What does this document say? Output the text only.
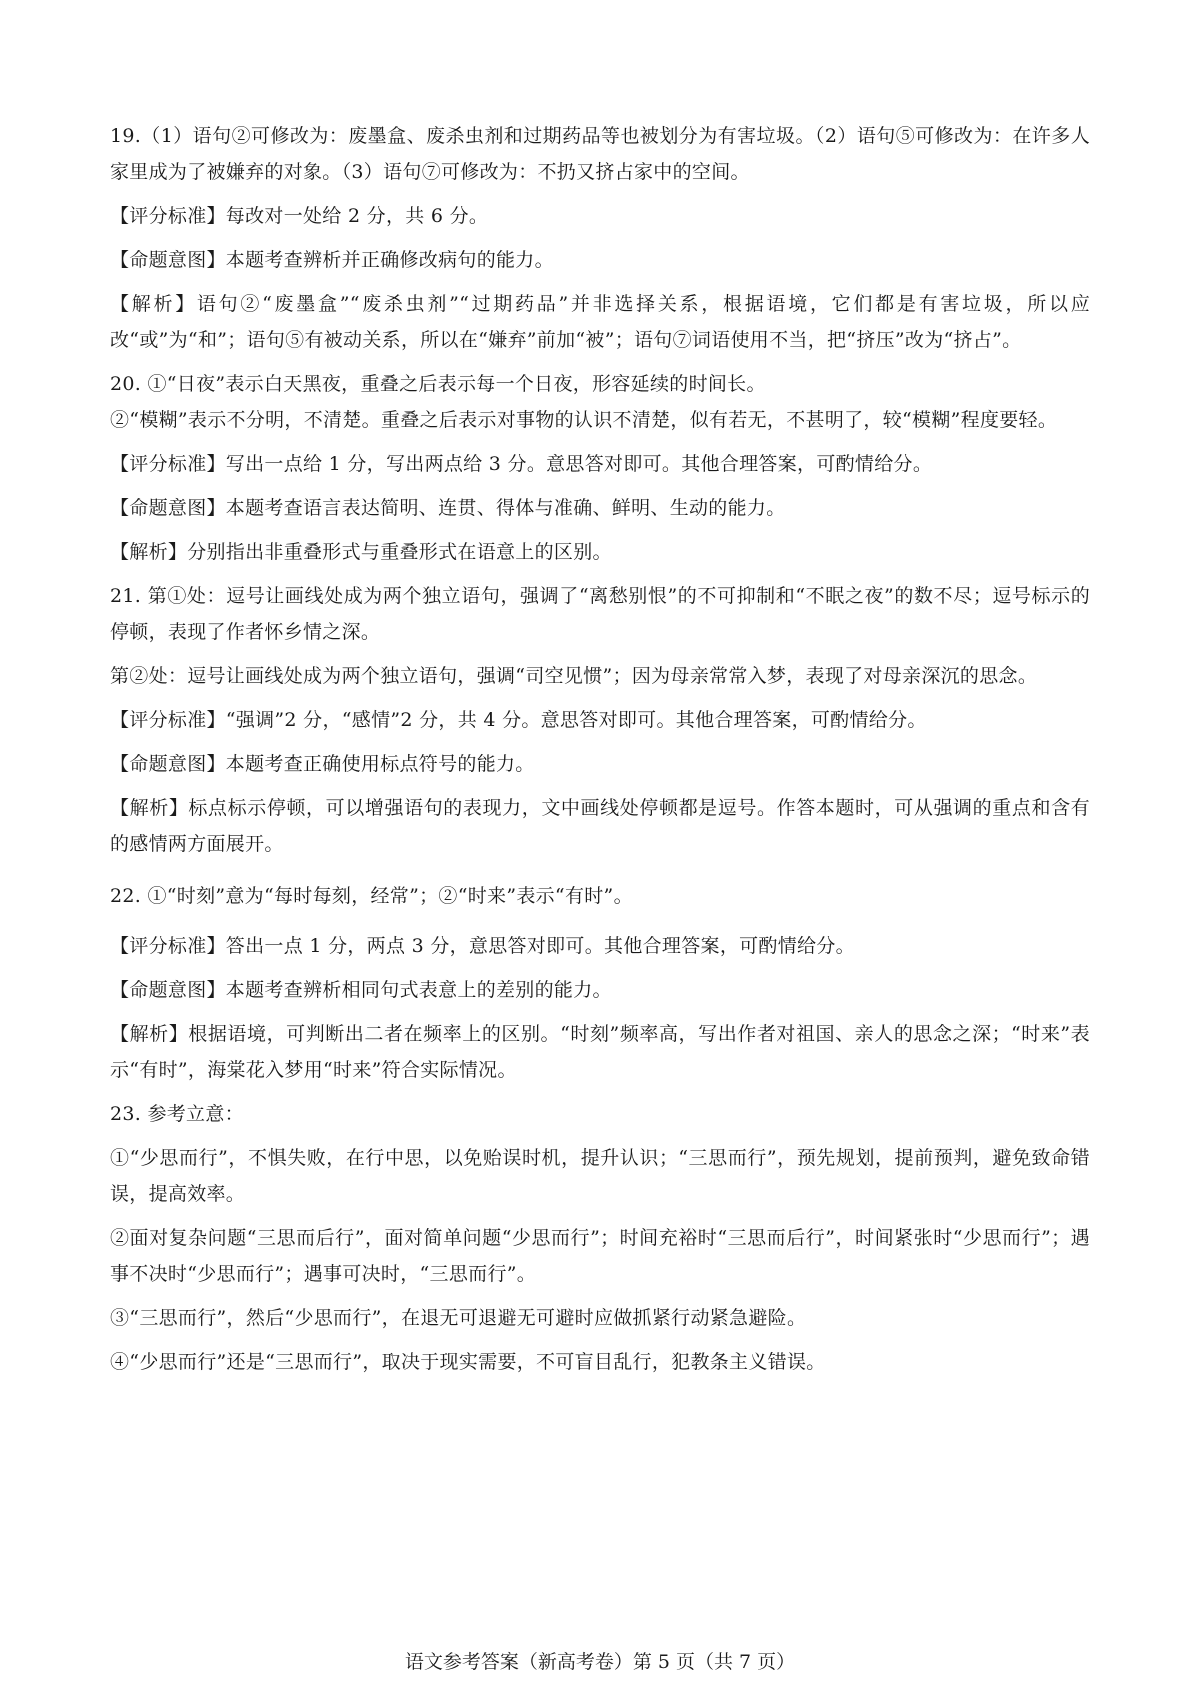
19.（1）语句②可修改为：废墨盒、废杀虫剂和过期药品等也被划分为有害垃圾。（2）语句⑤可修改为：在许多人家里成为了被嫌弃的对象。（3）语句⑦可修改为：不扔又挤占家中的空间。

【评分标准】每改对一处给 2 分，共 6 分。

【命题意图】本题考查辨析并正确修改病句的能力。

【解析】语句②“废墨盒”“废杀虫剂”“过期药品”并非选择关系，根据语境，它们都是有害垃圾，所以应改“或”为“和”；语句⑤有被动关系，所以在“嫌弃”前加“被”；语句⑦词语使用不当，把“挤压”改为“挤占”。

20. ①“日夜”表示白天黑夜，重叠之后表示每一个日夜，形容延续的时间长。
②“模糊”表示不分明，不清楚。重叠之后表示对事物的认识不清楚，似有若无，不甚明了，较“模糊”程度要轻。

【评分标准】写出一点给 1 分，写出两点给 3 分。意思答对即可。其他合理答案，可酌情给分。

【命题意图】本题考查语言表达简明、连贯、得体与准确、鲜明、生动的能力。

【解析】分别指出非重叠形式与重叠形式在语意上的区别。

21. 第①处：逗号让画线处成为两个独立语句，强调了“离愁别恨”的不可抑制和“不眠之夜”的数不尽；逗号标示的停顿，表现了作者怀乡情之深。

第②处：逗号让画线处成为两个独立语句，强调“司空见惯”；因为母亲常常入梦，表现了对母亲深沉的思念。

【评分标准】“强调”2 分，“感情”2 分，共 4 分。意思答对即可。其他合理答案，可酌情给分。

【命题意图】本题考查正确使用标点符号的能力。

【解析】标点标示停顿，可以增强语句的表现力，文中画线处停顿都是逗号。作答本题时，可从强调的重点和含有的感情两方面展开。

22. ①“时刻”意为“每时每刻，经常”；②“时来”表示“有时”。

【评分标准】答出一点 1 分，两点 3 分，意思答对即可。其他合理答案，可酌情给分。

【命题意图】本题考查辨析相同句式表意上的差别的能力。

【解析】根据语境，可判断出二者在频率上的区别。“时刻”频率高，写出作者对祖国、亲人的思念之深；“时来”表示“有时”，海棠花入梦用“时来”符合实际情况。

23. 参考立意：

①“少思而行”，不惧失败，在行中思，以免贻误时机，提升认识；“三思而行”，预先规划，提前预判，避免致命错误，提高效率。

②面对复杂问题“三思而后行”，面对简单问题“少思而行”；时间充裕时“三思而后行”，时间紧张时“少思而行”；遇事不决时“少思而行”；遇事可决时，“三思而行”。

③“三思而行”，然后“少思而行”，在退无可退避无可避时应做抓紧行动紧急避险。

④“少思而行”还是“三思而行”，取决于现实需要，不可盲目乱行，犯教条主义错误。

语文参考答案（新高考卷）第 5 页（共 7 页）
